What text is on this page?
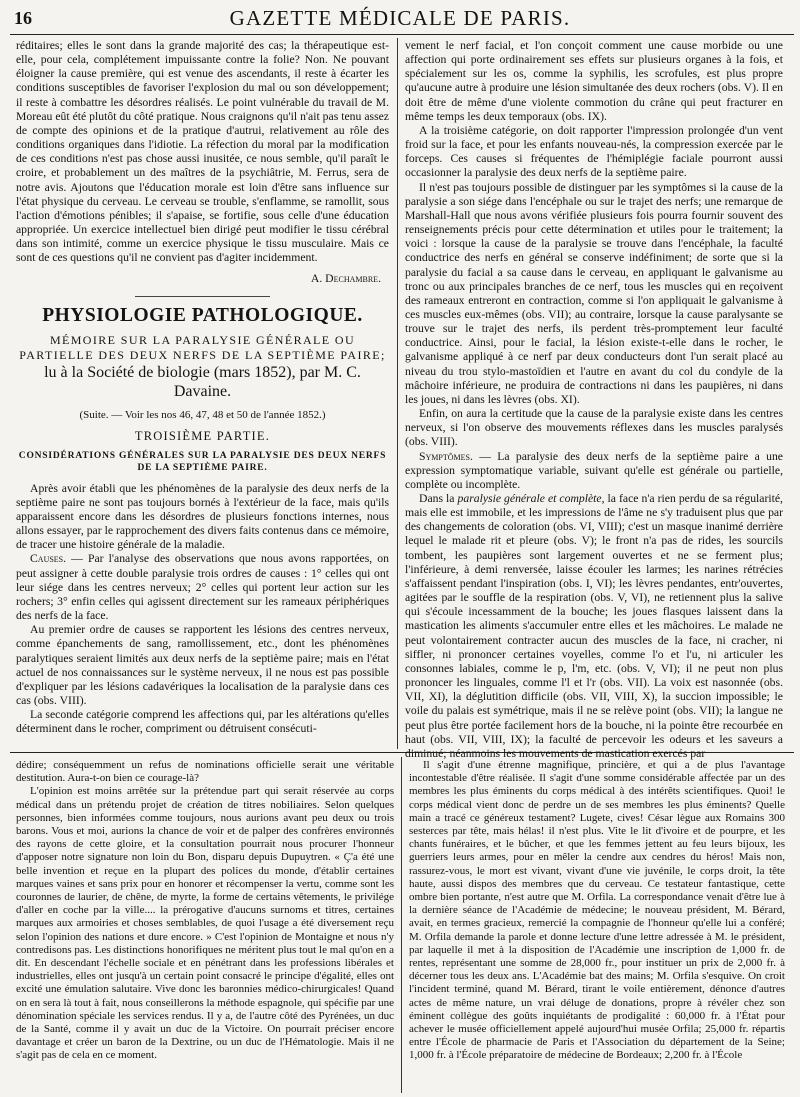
16	GAZETTE MÉDICALE DE PARIS.

réditaires; elles le sont dans la grande majorité des cas; la thérapeutique est-elle, pour cela, complétement impuissante contre la folie? Non. Ne pouvant éloigner la cause première, qui est venue des ascendants, il reste à écarter les conditions susceptibles de favoriser l'explosion du mal ou son développement; il reste à combattre les désordres réalisés. Le point vulnérable du travail de M. Moreau eût été plutôt du côté pratique. Nous craignons qu'il n'ait pas tenu assez de compte des opinions et de la pratique d'autrui, relativement au rôle des conditions organiques dans l'idiotie. La réfection du moral par la modification de ces conditions n'est pas chose aussi inusitée, ce nous semble, qu'il paraît le croire, et probablement un des maîtres de la psychiâtrie, M. Ferrus, sera de notre avis. Ajoutons que l'éducation morale est loin d'être sans influence sur l'état physique du cerveau. Le cerveau se trouble, s'enflamme, se ramollit, sous l'action d'émotions pénibles; il s'apaise, se fortifie, sous celle d'une éducation appropriée. Un exercice intellectuel bien dirigé peut modifier le tissu cérébral dans son intimité, comme un exercice physique le tissu musculaire. Mais ce sont de ces questions qu'il ne convient pas d'agiter incidemment.

A. Dechambre.

PHYSIOLOGIE PATHOLOGIQUE.
MÉMOIRE SUR LA PARALYSIE GÉNÉRALE OU PARTIELLE DES DEUX NERFS DE LA SEPTIÈME PAIRE;
lu à la Société de biologie (mars 1852), par M. C. Davaine.
(Suite. — Voir les nos 46, 47, 48 et 50 de l'année 1852.)
TROISIÈME PARTIE.
CONSIDÉRATIONS GÉNÉRALES SUR LA PARALYSIE DES DEUX NERFS DE LA SEPTIÈME PAIRE.

Après avoir établi que les phénomènes de la paralysie des deux nerfs de la septième paire ne sont pas toujours bornés à l'extérieur de la face, mais qu'ils apparaissent encore dans les désordres de plusieurs fonctions internes, nous allons essayer, par le rapprochement des divers faits contenus dans ce mémoire, de tracer une histoire générale de la maladie.

Causes. — Par l'analyse des observations que nous avons rapportées, on peut assigner à cette double paralysie trois ordres de causes : 1° celles qui ont leur siége dans les centres nerveux; 2° celles qui portent leur action sur les rochers; 3° enfin celles qui agissent directement sur les rameaux périphériques des nerfs de la face.

Au premier ordre de causes se rapportent les lésions des centres nerveux, comme épanchements de sang, ramollissement, etc., dont les phénomènes paralytiques seraient limités aux deux nerfs de la septième paire; mais en l'état actuel de nos connaissances sur le système nerveux, il ne nous est pas possible d'expliquer par les lésions cadavériques la localisation de la paralysie dans ces cas (obs. VIII).

La seconde catégorie comprend les affections qui, par les altérations qu'elles déterminent dans le rocher, compriment ou détruisent consécuti-

vement le nerf facial, et l'on conçoit comment une cause morbide ou une affection qui porte ordinairement ses effets sur plusieurs organes à la fois, et spécialement sur les os, comme la syphilis, les scrofules, est plus propre qu'aucune autre à produire une lésion simultanée des deux rochers (obs. V). Il en doit être de même d'une violente commotion du crâne qui peut fracturer en même temps les deux temporaux (obs. IX).

A la troisième catégorie, on doit rapporter l'impression prolongée d'un vent froid sur la face, et pour les enfants nouveau-nés, la compression exercée par le forceps. Ces causes si fréquentes de l'hémiplégie faciale pourront aussi occasionner la paralysie des deux nerfs de la septième paire.

Il n'est pas toujours possible de distinguer par les symptômes si la cause de la paralysie a son siége dans l'encéphale ou sur le trajet des nerfs; une remarque de Marshall-Hall que nous avons vérifiée plusieurs fois pourra fournir souvent des renseignements précis pour cette détermination et utiles pour le traitement; la voici : lorsque la cause de la paralysie se trouve dans l'encéphale, la faculté conductrice des nerfs en général se conserve indéfiniment; de sorte que si la paralysie du facial a sa cause dans le cerveau, en appliquant le galvanisme au tronc ou aux principales branches de ce nerf, tous les muscles qui en reçoivent des rameaux entreront en contraction, comme si l'on appliquait le galvanisme à ces muscles eux-mêmes (obs. VII); au contraire, lorsque la cause paralysante se trouve sur le trajet des nerfs, ils perdent très-promptement leur faculté conductrice. Ainsi, pour le facial, la lésion existe-t-elle dans le rocher, le galvanisme appliqué à ce nerf par deux conducteurs dont l'un serait placé au niveau du trou stylo-mastoïdien et l'autre en avant du col du condyle de la mâchoire inférieure, ne produira de contractions ni dans les paupières, ni dans les joues, ni dans les lèvres (obs. XI).

Enfin, on aura la certitude que la cause de la paralysie existe dans les centres nerveux, si l'on observe des mouvements réflexes dans les muscles paralysés (obs. VIII).

Symptômes. — La paralysie des deux nerfs de la septième paire a une expression symptomatique variable, suivant qu'elle est générale ou partielle, complète ou incomplète.

Dans la paralysie générale et complète, la face n'a rien perdu de sa régularité, mais elle est immobile, et les impressions de l'âme ne s'y traduisent plus que par des changements de coloration (obs. VI, VIII); c'est un masque inanimé derrière lequel le malade rit et pleure (obs. V); le front n'a pas de rides, les sourcils tombent, les paupières sont largement ouvertes et ne se ferment plus; l'inférieure, à demi renversée, laisse écouler les larmes; les narines rétrécies s'affaissent pendant l'inspiration (obs. I, VI); les lèvres pendantes, entr'ouvertes, agitées par le souffle de la respiration (obs. V, VI), ne retiennent plus la salive qui s'écoule incessamment de la bouche; les joues flasques laissent dans la mastication les aliments s'accumuler entre elles et les mâchoires. Le malade ne peut volontairement contracter aucun des muscles de la face, ni cracher, ni siffler, ni prononcer certaines voyelles, comme l'o et l'u, ni articuler les consonnes labiales, comme le p, l'm, etc. (obs. V, VI); il ne peut non plus prononcer les linguales, comme l'l et l'r (obs. VII). La voix est nasonnée (obs. VII, XI), la déglutition difficile (obs. VII, VIII, X), la succion impossible; le voile du palais est symétrique, mais il ne se relève point (obs. VII); la langue ne peut plus être portée facilement hors de la bouche, ni la pointe être recourbée en haut (obs. VII, VIII, IX); la faculté de percevoir les odeurs et les saveurs a diminué; néanmoins les mouvements de mastication exercés par

dédire; conséquemment un refus de nominations officielle serait une véritable destitution. Aura-t-on bien ce courage-là?

L'opinion est moins arrêtée sur la prétendue part qui serait réservée au corps médical dans un prétendu projet de création de titres nobiliaires. Selon quelques personnes, bien informées comme toujours, nous aurions avant peu deux ou trois barons. Vous et moi, aurions la chance de voir et de palper des confrères environnés des rayons de cette gloire, et la consultation pourrait nous procurer l'honneur d'apposer notre signature non loin du Bon, disparu depuis Dupuytren. « Ç'a été une belle invention et reçue en la plupart des polices du monde, d'établir certaines marques vaines et sans prix pour en honorer et récompenser la vertu, comme sont les couronnes de laurier, de chêne, de myrte, la forme de certains vêtements, le privilége d'aller en coche par la ville.... la prérogative d'aucuns surnoms et titres, certaines marques aux armoiries et choses semblables, de quoi l'usage a été diversement reçu selon l'opinion des nations et dure encore. » C'est l'opinion de Montaigne et nous n'y contredisons pas. Les distinctions honorifiques ne méritent plus tout le mal qu'on en a dit. En descendant l'échelle sociale et en pénétrant dans les professions libérales et industrielles, elles ont jusqu'à un certain point consacré le principe d'égalité, elles ont excité une émulation salutaire. Vive donc les baronnies médico-chirurgicales! Quand on en sera là tout à fait, nous conseillerons la méthode espagnole, qui spécifie par une dénomination spéciale les services rendus. Il y a, de l'autre côté des Pyrénées, un duc de la Santé, comme il y avait un duc de la Victoire. On pourrait préciser encore davantage et créer un baron de la Dextrine, ou un duc de l'Hématologie. Mais il ne s'agit pas de cela en ce moment.

Il s'agit d'une étrenne magnifique, princière, et qui a de plus l'avantage incontestable d'être réalisée. Il s'agit d'une somme considérable affectée par un des membres les plus éminents du corps médical à des intérêts scientifiques. Quoi! le corps médical vient donc de perdre un de ses membres les plus éminents? Quelle main a tracé ce généreux testament? Lugete, cives! César lègue aux Romains 300 sesterces par tête, mais hélas! il n'est plus. Vite le lit d'ivoire et de pourpre, et les chants funéraires, et le bûcher, et que les femmes jettent au feu leurs bijoux, les guerriers leurs armes, pour en mêler la cendre aux cendres du héros! Mais non, rassurez-vous, le mort est vivant, vivant d'une vie juvénile, le corps droit, la tête haute, aussi dispos des membres que du cerveau. Ce testateur fantastique, cette ombre bien portante, n'est autre que M. Orfila. La correspondance venait d'être lue à la dernière séance de l'Académie de médecine; le nouveau président, M. Bérard, avait, en termes gracieux, remercié la compagnie de l'honneur qu'elle lui a conféré; M. Orfila demande la parole et donne lecture d'une lettre adressée à M. le président, par laquelle il met à la disposition de l'Académie une inscription de 1,000 fr. de rentes, représentant une somme de 28,000 fr., pour instituer un prix de 2,000 fr. à décerner tous les deux ans. L'Académie bat des mains; M. Orfila s'esquive. On croit l'incident terminé, quand M. Bérard, tirant le voile entièrement, dénonce d'autres actes de même nature, un vrai déluge de donations, propre à révéler chez son éminent collègue des goûts inquiétants de prodigalité : 60,000 fr. à l'État pour achever le musée officiellement appelé aujourd'hui musée Orfila; 25,000 fr. répartis entre l'École de pharmacie de Paris et l'Association du département de la Seine; 1,000 fr. à l'École préparatoire de médecine de Bordeaux; 2,200 fr. à l'École
